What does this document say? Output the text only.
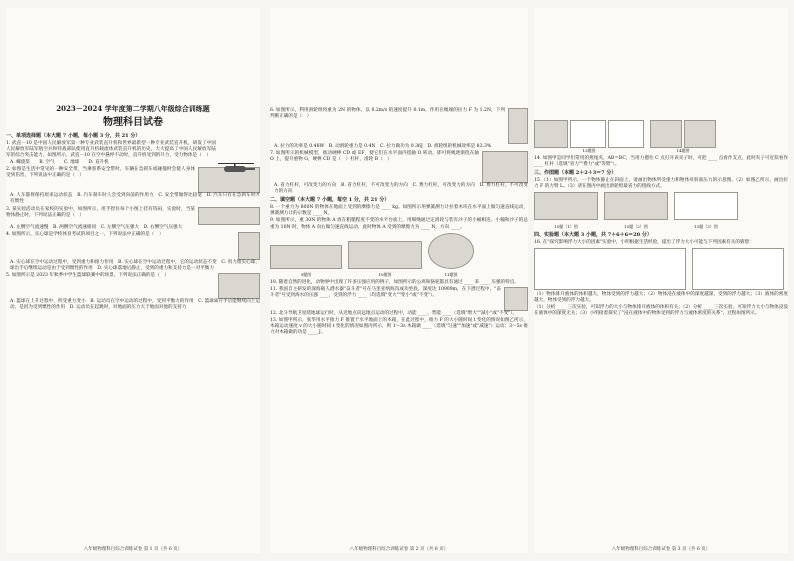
2023－2024 学年度第二学期八年级综合训练题
物理科目试卷
一、单项选择题（本大题 7 小题，每小题 3 分，共 21 分）
1. 武直－10 是中国人民解放军第一种专业武装直升机和世界最新型一种专业武装直升机，研发了中国人民解放军陆军航空兵和特战部队使用直升机载流体武装直升机的历史，大大提高了中国人民解放军陆军的综合突击能力，如图所示，武直－10 在空中悬停不动时，直升机受到的升力，受力物体是（　）
A. 螺旋桨　　B. 空气　　C. 地球　　D. 直升机
2. 如图是生活中常见的一种安全带，当乘客系安全带时，车辆在急刹车或碰撞时会使人身体受到伤害，下列说法中正确的是（　）
A. 人车都将保持原来运动状态　B. 汽车刹车时人会受到向前的作用力　C. 安全带做得比较宽　D. 汽车只有在急刹车时才有惯性
3. 某实验活动员在家校的实验中，如图所示，用手捏住每个小图上挂有钩码，实验时，当某物体静止时，下列说法正确的是（　）
A. 左侧空气流速慢　B. 两侧空气流速相同　C. 左侧空气压强大　D. 右侧空气压强大
4. 如图所示，实心球是学校体育考试的项目之一，下列说法中正确的是（　）
A. 实心球在空中运动过程中，受到重力和推力作用　B. 实心球在空中运动过程中，它的运动状态不变　C. 用力推实心球，球出手后继续运动是由于受到惯性的作用　D. 实心球落地后静止，受到的重力和支持力是一对平衡力
5. 如图所示是 2023 年秋季中学生篮球联赛中的场景，下列说法正确的是（　）
A. 篮球在上升过程中，所受重力变小　B. 运动员在空中运动的过程中，受到平衡力的作用　C. 篮球离开手后能继续向上运动，是因为受到惯性的作用　D. 运动员在起跳时，对地面的压力大于地面对他的支持力
八年级物理科目综合训练试卷 第 1 页（共 6 页）
6. 如图所示，利用滑轮组将重为 2N 的物体，以 0.2m/s 的速度提升 0.1m，作用在绳端的拉力 F 为 1.2N，下列判断正确的是（　）
A. 拉力的功率是 0.48W　B. 动滑轮重力是 0.4N　C. 拉力做功为 0.36J　D. 滑轮组的机械效率是 83.3%
7. 如图所示的机械模型，推动硬棒 CD 或 EF，使它们在水平面内绕轴 O 转动，即可将绳逐渐绕在轴 O 上，提升重物 G，硬棒 CD 是（　）杠杆，滑轮 B（　）
A. 省力杠杆，可改变力的方向　B. 省力杠杆，不可改变力的方向　C. 费力杠杆，可改变力的方向　D. 费力杠杆，不可改变力的方向
二、填空题（本大题 7 小题，每空 1 分，共 21 分）
8. 一个重力为 600N 的物体在地面上受到的摩擦力是 ____ kg。如图所示用弹簧测力计拉着木块在水平面上做匀速直线运动，弹簧测力计的示数是 ____ N。
9. 如图所示，重 30N 的物体 A 放在粗糙程度不变的水平台面上，用细绳通过定滑轮与装有沙子的小桶相连。小桶和沙子的总重为 10N 时，物体 A 向右做匀速直线运动，此时物体 A 受到的摩擦力为 ____ N，方向 ____。
9题图	10题图	11题图
10. 随着自然的进化，动物界中出现了许多压强应用的例子，如图所示的公鸡和骆驼都具有通过 ____ 来 ____ 压强的特点。
11. 我国自主研发的深海载人潜水器"奋斗者"号在马里亚纳海沟成功坐底，深度达 10909m，在下潜过程中，"奋斗者"号受到海水的压强 ____，受到的浮力 ____（均选填"变大""变小"或"不变"）。
12. 北斗导航卫星绕地球运行时，从近地点向远地点运动的过程中，动能 ____，势能 ____（选填"增大""减小"或"不变"）。
13. 如图甲所示，张华用水平推力 F 推置于水平地面上的木箱，在此过程中，推力 F 的大小随时间 t 变化的情况如图乙所示，木箱运动速度 v 的大小随时间 t 变化的情况如图丙所示，则 1～3s 木箱做 ____（选填"匀速""加速"或"减速"）运动；3～5s 推力对木箱做的功是 ____ J。
八年级物理科目综合训练试卷 第 2 页（共 6 页）
13题图	14题图
14. 如图甲是同学们常用的燕尾夹，AB＝BC，当用力摁住 C 点打开该夹子时，可把 ____ 点看作支点，此时夹子可近似看作 ____ 杠杆（选填"省力""费力"或"等臂"）。
三、作图题（本题 2＋2＋3＝7 分）
15.（1）如图甲所示，一个物体静止在斜面上，请画出物体所受重力和物体对斜面压力的示意图。（2）如图乙所示，画出拉力 F 的力臂 L。（3）请在图丙中画出滑轮组最省力的绕线方式。
15题（1）图	15题（2）图	15题（3）图
四、实验题（本大题 3 小题，共 7＋6＋6＝20 分）
16. 在"探究影响浮力大小的因素"实验中，小明根据生活经验，提出了浮力大小可能与下列因素有关的猜想：
（1）物体排开液体的体积越大，物体受到的浮力越大；（2）物体浸在液体中的深度越深，受到的浮力越大；（3）液体的密度越大，物体受到的浮力越大。
（1）分析 ____ 三次实验，可知浮力的大小与物体排开液体的体积有关；（2）分析 ____ 三次实验，可知浮力大小与物体浸没在液体中的深度无关；（3）小明接着探究了"浸在液体中的物体受到的浮力与液体密度的关系"，过程如图所示。
八年级物理科目综合训练试卷 第 3 页（共 6 页）
